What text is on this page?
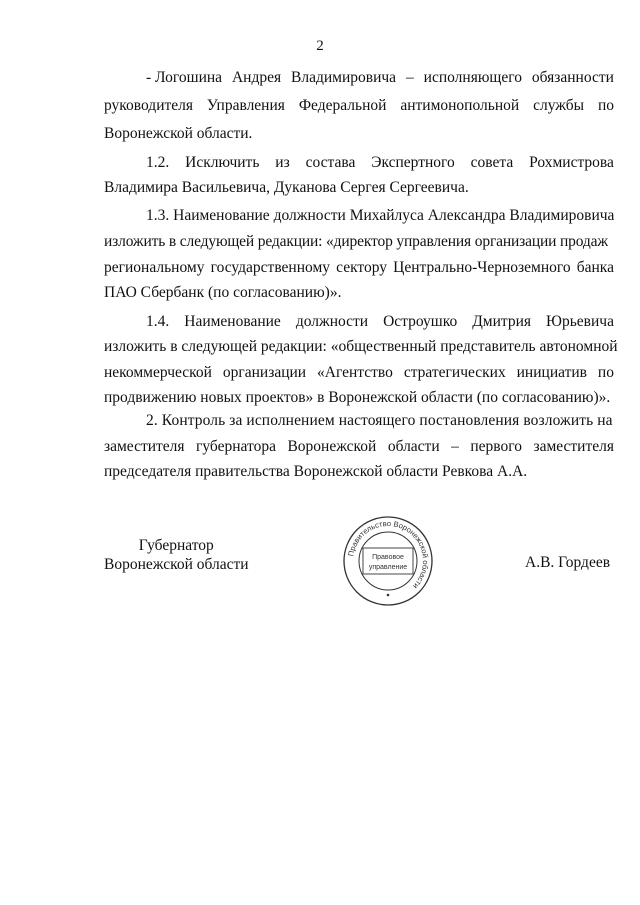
2
- Логошина Андрея Владимировича – исполняющего обязанности
руководителя Управления Федеральной антимонопольной службы по
Воронежской области.
1.2. Исключить из состава Экспертного совета Рохмистрова
Владимира Васильевича, Дуканова Сергея Сергеевича.
1.3. Наименование должности Михайлуса Александра Владимировича
изложить в следующей редакции: «директор управления организации продаж
региональному государственному сектору Центрально-Черноземного банка
ПАО Сбербанк (по согласованию)».
1.4. Наименование должности Остроушко Дмитрия Юрьевича
изложить в следующей редакции: «общественный представитель автономной
некоммерческой организации «Агентство стратегических инициатив по
продвижению новых проектов» в Воронежской области (по согласованию)».
2. Контроль за исполнением настоящего постановления возложить на
заместителя губернатора Воронежской области – первого заместителя
председателя правительства Воронежской области Ревкова А.А.
Губернатор
Воронежской области
Правительство Воронежской области
Правовое
управление	А.В. Гордеев
